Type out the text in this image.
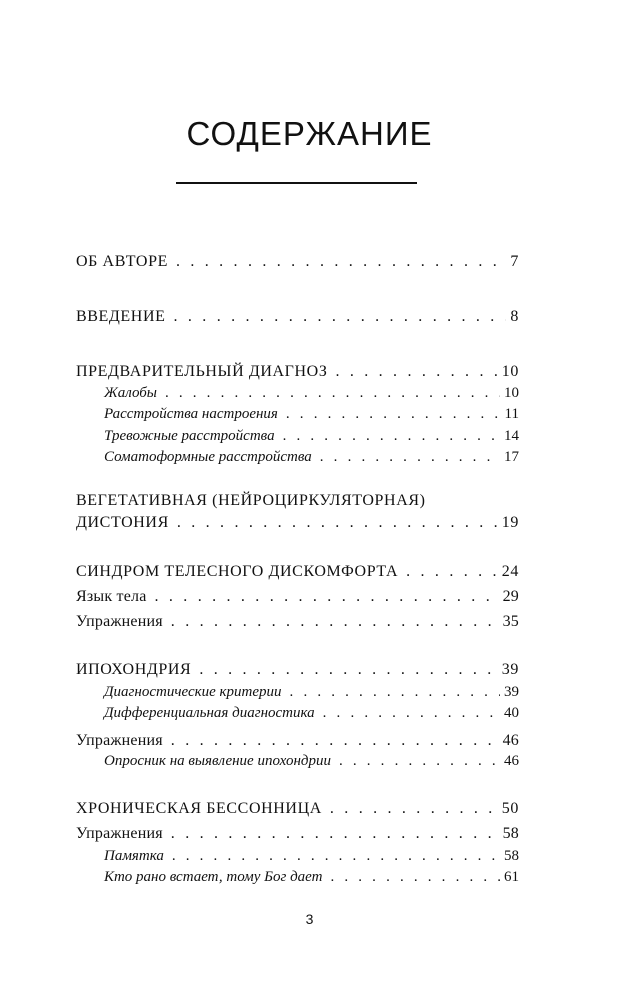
СОДЕРЖАНИЕ
ОБ АВТОРЕ . . .	7
ВВЕДЕНИЕ . . .	8
ПРЕДВАРИТЕЛЬНЫЙ ДИАГНОЗ . . .	10
Жалобы . . .	10
Расстройства настроения . . .	11
Тревожные расстройства . . .	14
Соматоформные расстройства . . .	17
ВЕГЕТАТИВНАЯ (НЕЙРОЦИРКУЛЯТОРНАЯ)
ДИСТОНИЯ . . .	19
СИНДРОМ ТЕЛЕСНОГО ДИСКОМФОРТА . . .	24
Язык тела . . .	29
Упражнения . . .	35
ИПОХОНДРИЯ . . .	39
Диагностические критерии . . .	39
Дифференциальная диагностика . . .	40
Упражнения . . .	46
Опросник на выявление ипохондрии . . .	46
ХРОНИЧЕСКАЯ БЕССОННИЦА . . .	50
Упражнения . . .	58
Памятка . . .	58
Кто рано встает, тому Бог дает . . .	61
3
